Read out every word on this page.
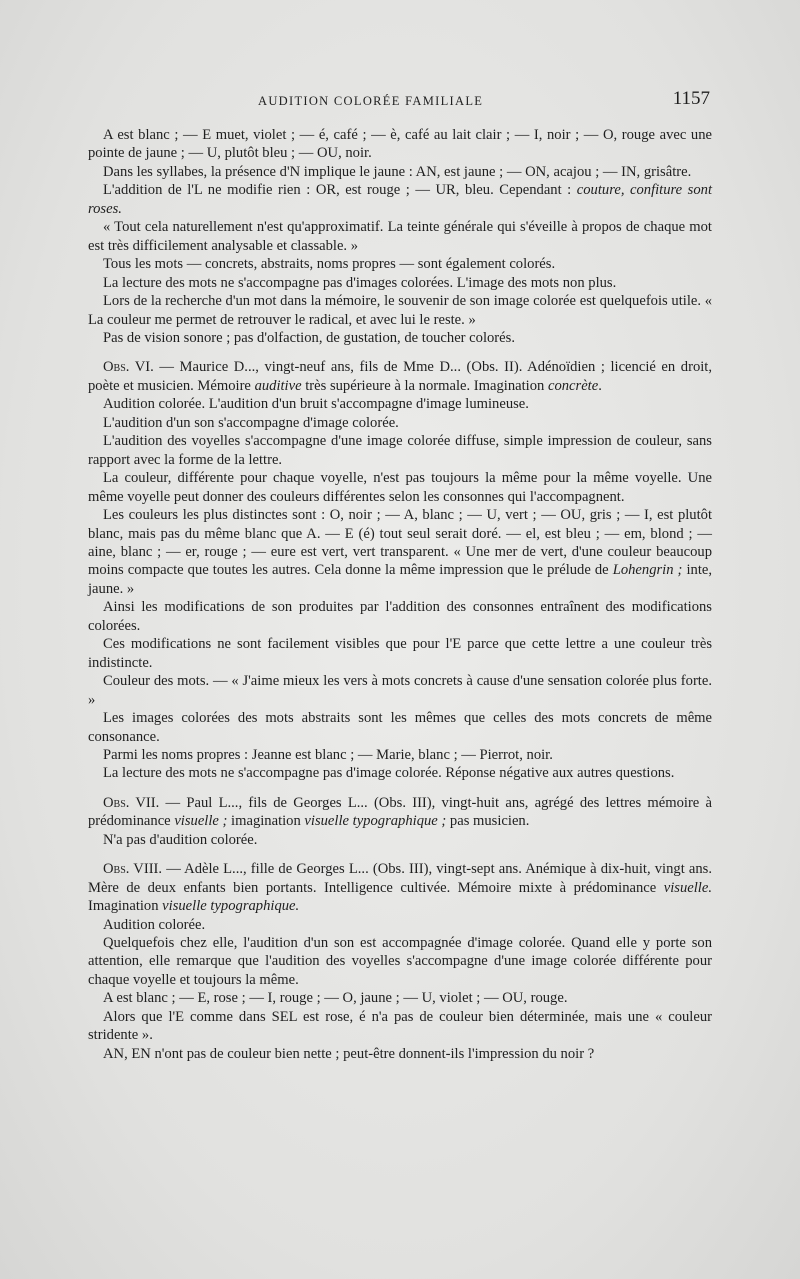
AUDITION COLORÉE FAMILIALE	1157

A est blanc ; — E muet, violet ; — é, café ; — è, café au lait clair ; — I, noir ; — O, rouge avec une pointe de jaune ; — U, plutôt bleu ; — OU, noir.

Dans les syllabes, la présence d'N implique le jaune : AN, est jaune ; — ON, acajou ; — IN, grisâtre.

L'addition de l'L ne modifie rien : OR, est rouge ; — UR, bleu. Cependant : couture, confiture sont roses.

« Tout cela naturellement n'est qu'approximatif. La teinte générale qui s'éveille à propos de chaque mot est très difficilement analysable et classable. »

Tous les mots — concrets, abstraits, noms propres — sont également colorés.

La lecture des mots ne s'accompagne pas d'images colorées. L'image des mots non plus.

Lors de la recherche d'un mot dans la mémoire, le souvenir de son image colorée est quelquefois utile. « La couleur me permet de retrouver le radical, et avec lui le reste. »

Pas de vision sonore ; pas d'olfaction, de gustation, de toucher colorés.

Obs. VI. — Maurice D..., vingt-neuf ans, fils de Mme D... (Obs. II). Adénoïdien ; licencié en droit, poète et musicien. Mémoire auditive très supérieure à la normale. Imagination concrète.

Audition colorée. L'audition d'un bruit s'accompagne d'image lumineuse.

L'audition d'un son s'accompagne d'image colorée.

L'audition des voyelles s'accompagne d'une image colorée diffuse, simple impression de couleur, sans rapport avec la forme de la lettre.

La couleur, différente pour chaque voyelle, n'est pas toujours la même pour la même voyelle. Une même voyelle peut donner des couleurs différentes selon les consonnes qui l'accompagnent.

Les couleurs les plus distinctes sont : O, noir ; — A, blanc ; — U, vert ; — OU, gris ; — I, est plutôt blanc, mais pas du même blanc que A. — E (é) tout seul serait doré. — el, est bleu ; — em, blond ; — aine, blanc ; — er, rouge ; — eure est vert, vert transparent. « Une mer de vert, d'une couleur beaucoup moins compacte que toutes les autres. Cela donne la même impression que le prélude de Lohengrin ; inte, jaune. »

Ainsi les modifications de son produites par l'addition des consonnes entraînent des modifications colorées.

Ces modifications ne sont facilement visibles que pour l'E parce que cette lettre a une couleur très indistincte.

Couleur des mots. — « J'aime mieux les vers à mots concrets à cause d'une sensation colorée plus forte. »

Les images colorées des mots abstraits sont les mêmes que celles des mots concrets de même consonance.

Parmi les noms propres : Jeanne est blanc ; — Marie, blanc ; — Pierrot, noir.

La lecture des mots ne s'accompagne pas d'image colorée. Réponse négative aux autres questions.

Obs. VII. — Paul L..., fils de Georges L... (Obs. III), vingt-huit ans, agrégé des lettres mémoire à prédominance visuelle ; imagination visuelle typographique ; pas musicien.

N'a pas d'audition colorée.

Obs. VIII. — Adèle L..., fille de Georges L... (Obs. III), vingt-sept ans. Anémique à dix-huit, vingt ans. Mère de deux enfants bien portants. Intelligence cultivée. Mémoire mixte à prédominance visuelle. Imagination visuelle typographique.

Audition colorée.

Quelquefois chez elle, l'audition d'un son est accompagnée d'image colorée. Quand elle y porte son attention, elle remarque que l'audition des voyelles s'accompagne d'une image colorée différente pour chaque voyelle et toujours la même.

A est blanc ; — E, rose ; — I, rouge ; — O, jaune ; — U, violet ; — OU, rouge.

Alors que l'E comme dans SEL est rose, é n'a pas de couleur bien déterminée, mais une « couleur stridente ».

AN, EN n'ont pas de couleur bien nette ; peut-être donnent-ils l'impression du noir ?
